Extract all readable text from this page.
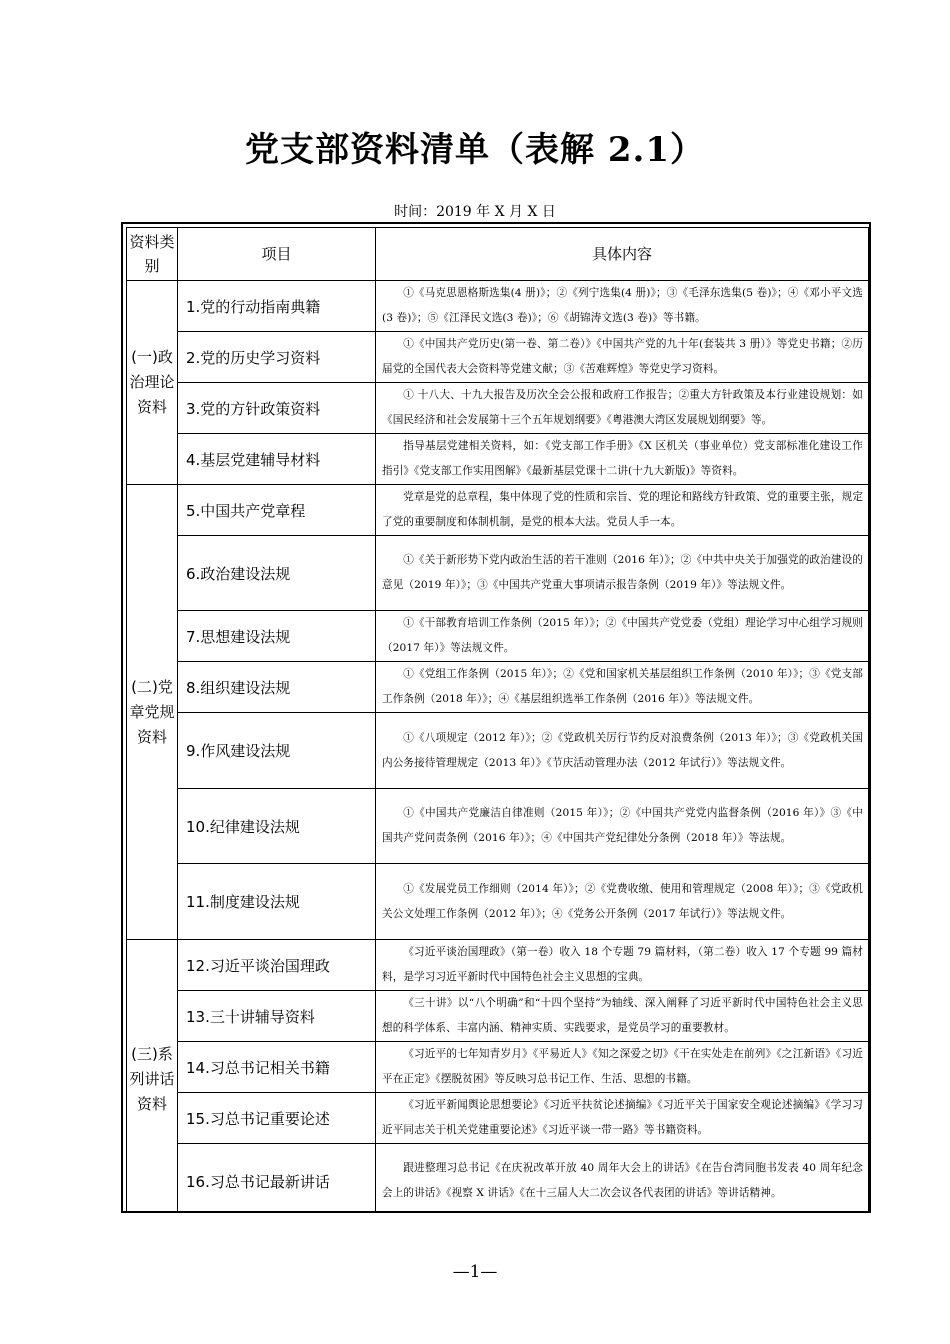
党支部资料清单（表解 2.1）
时间：2019 年 X 月 X 日
资料类别	项目	具体内容
(一)政治理论资料	1.党的行动指南典籍	①《马克思恩格斯选集(4 册)》；②《列宁选集(4 册)》；③《毛泽东选集(5 卷)》；④《邓小平文选(3 卷)》；⑤《江泽民文选(3 卷)》；⑥《胡锦涛文选(3 卷)》等书籍。
	2.党的历史学习资料	①《中国共产党历史(第一卷、第二卷）》《中国共产党的九十年(套装共 3 册）》等党史书籍；②历届党的全国代表大会资料等党建文献；③《苦难辉煌》等党史学习资料。
	3.党的方针政策资料	① 十八大、十九大报告及历次全会公报和政府工作报告；②重大方针政策及本行业建设规划：如《国民经济和社会发展第十三个五年规划纲要》《粤港澳大湾区发展规划纲要》等。
	4.基层党建辅导材料	指导基层党建相关资料，如：《党支部工作手册》《X 区机关（事业单位）党支部标准化建设工作指引》《党支部工作实用图解》《最新基层党课十二讲(十九大新版)》等资料。
(二)党章党规资料	5.中国共产党章程	党章是党的总章程，集中体现了党的性质和宗旨、党的理论和路线方针政策、党的重要主张，规定了党的重要制度和体制机制，是党的根本大法。党员人手一本。
	6.政治建设法规	①《关于新形势下党内政治生活的若干准则（2016 年）》；②《中共中央关于加强党的政治建设的意见（2019 年）》；③《中国共产党重大事项请示报告条例（2019 年）》等法规文件。
	7.思想建设法规	①《干部教育培训工作条例（2015 年）》；②《中国共产党党委（党组）理论学习中心组学习规则（2017 年）》等法规文件。
	8.组织建设法规	①《党组工作条例（2015 年）》；②《党和国家机关基层组织工作条例（2010 年）》；③《党支部工作条例（2018 年）》；④《基层组织选举工作条例（2016 年）》等法规文件。
	9.作风建设法规	①《八项规定（2012 年）》；②《党政机关厉行节约反对浪费条例（2013 年）》；③《党政机关国内公务接待管理规定（2013 年）》《节庆活动管理办法（2012 年试行）》等法规文件。
	10.纪律建设法规	①《中国共产党廉洁自律准则（2015 年）》；②《中国共产党党内监督条例（2016 年）》③《中国共产党问责条例（2016 年）》；④《中国共产党纪律处分条例（2018 年）》等法规。
	11.制度建设法规	①《发展党员工作细则（2014 年）》；②《党费收缴、使用和管理规定（2008 年）》；③《党政机关公文处理工作条例（2012 年）》；④《党务公开条例（2017 年试行）》等法规文件。
(三)系列讲话资料	12.习近平谈治国理政	《习近平谈治国理政》（第一卷）收入 18 个专题 79 篇材料，（第二卷）收入 17 个专题 99 篇材料，是学习习近平新时代中国特色社会主义思想的宝典。
	13.三十讲辅导资料	《三十讲》以“八个明确”和“十四个坚持”为轴线、深入阐释了习近平新时代中国特色社会主义思想的科学体系、丰富内涵、精神实质、实践要求，是党员学习的重要教材。
	14.习总书记相关书籍	《习近平的七年知青岁月》《平易近人》《知之深爱之切》《干在实处走在前列》《之江新语》《习近平在正定》《摆脱贫困》等反映习总书记工作、生活、思想的书籍。
	15.习总书记重要论述	《习近平新闻舆论思想要论》《习近平扶贫论述摘编》《习近平关于国家安全观论述摘编》《学习习近平同志关于机关党建重要论述》《习近平谈一带一路》等书籍资料。
	16.习总书记最新讲话	跟进整理习总书记《在庆祝改革开放 40 周年大会上的讲话》《在告台湾同胞书发表 40 周年纪念会上的讲话》《视察 X 讲话》《在十三届人大二次会议各代表团的讲话》等讲话精神。
—1—
